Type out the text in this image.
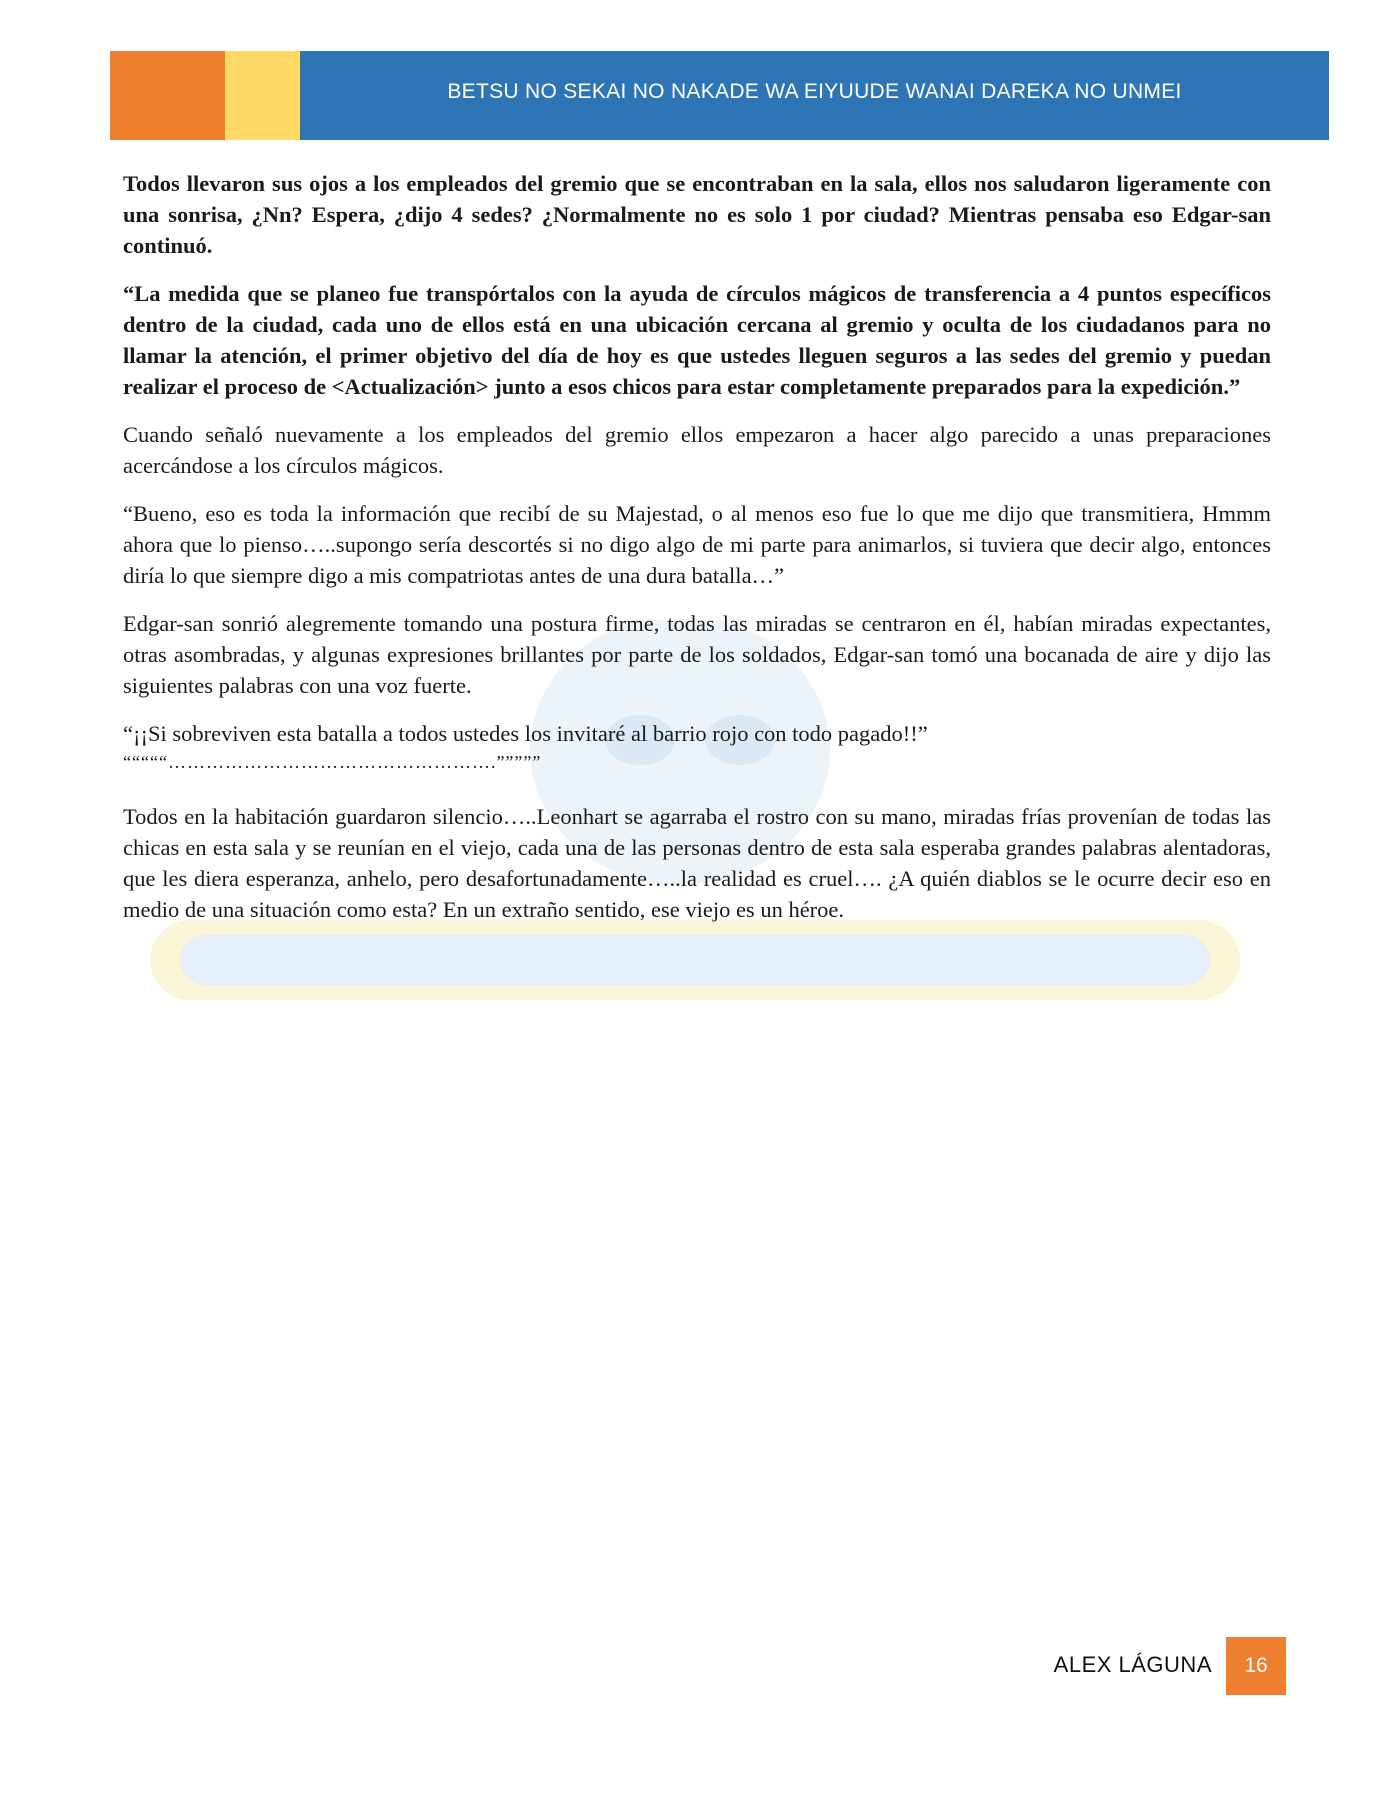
BETSU NO SEKAI NO NAKADE WA EIYUUDE WANAI DAREKA NO UNMEI

Todos llevaron sus ojos a los empleados del gremio que se encontraban en la sala, ellos nos saludaron ligeramente con una sonrisa, ¿Nn? Espera, ¿dijo 4 sedes? ¿Normalmente no es solo 1 por ciudad? Mientras pensaba eso Edgar-san continuó.

“La medida que se planeo fue transpórtalos con la ayuda de círculos mágicos de transferencia a 4 puntos específicos dentro de la ciudad, cada uno de ellos está en una ubicación cercana al gremio y oculta de los ciudadanos para no llamar la atención, el primer objetivo del día de hoy es que ustedes lleguen seguros a las sedes del gremio y puedan realizar el proceso de <Actualización> junto a esos chicos para estar completamente preparados para la expedición.”

Cuando señaló nuevamente a los empleados del gremio ellos empezaron a hacer algo parecido a unas preparaciones acercándose a los círculos mágicos.

“Bueno, eso es toda la información que recibí de su Majestad, o al menos eso fue lo que me dijo que transmitiera, Hmmm ahora que lo pienso…..supongo sería descortés si no digo algo de mi parte para animarlos, si tuviera que decir algo, entonces diría lo que siempre digo a mis compatriotas antes de una dura batalla…”

Edgar-san sonrió alegremente tomando una postura firme, todas las miradas se centraron en él, habían miradas expectantes, otras asombradas, y algunas expresiones brillantes por parte de los soldados, Edgar-san tomó una bocanada de aire y dijo las siguientes palabras con una voz fuerte.

“¡¡Si sobreviven esta batalla a todos ustedes los invitaré al barrio rojo con todo pagado!!”

“““““…………………………………………….”””””

Todos en la habitación guardaron silencio…..Leonhart se agarraba el rostro con su mano, miradas frías provenían de todas las chicas en esta sala y se reunían en el viejo, cada una de las personas dentro de esta sala esperaba grandes palabras alentadoras, que les diera esperanza, anhelo, pero desafortunadamente…..la realidad es cruel…. ¿A quién diablos se le ocurre decir eso en medio de una situación como esta? En un extraño sentido, ese viejo es un héroe.

ALEX LÁGUNA 16
